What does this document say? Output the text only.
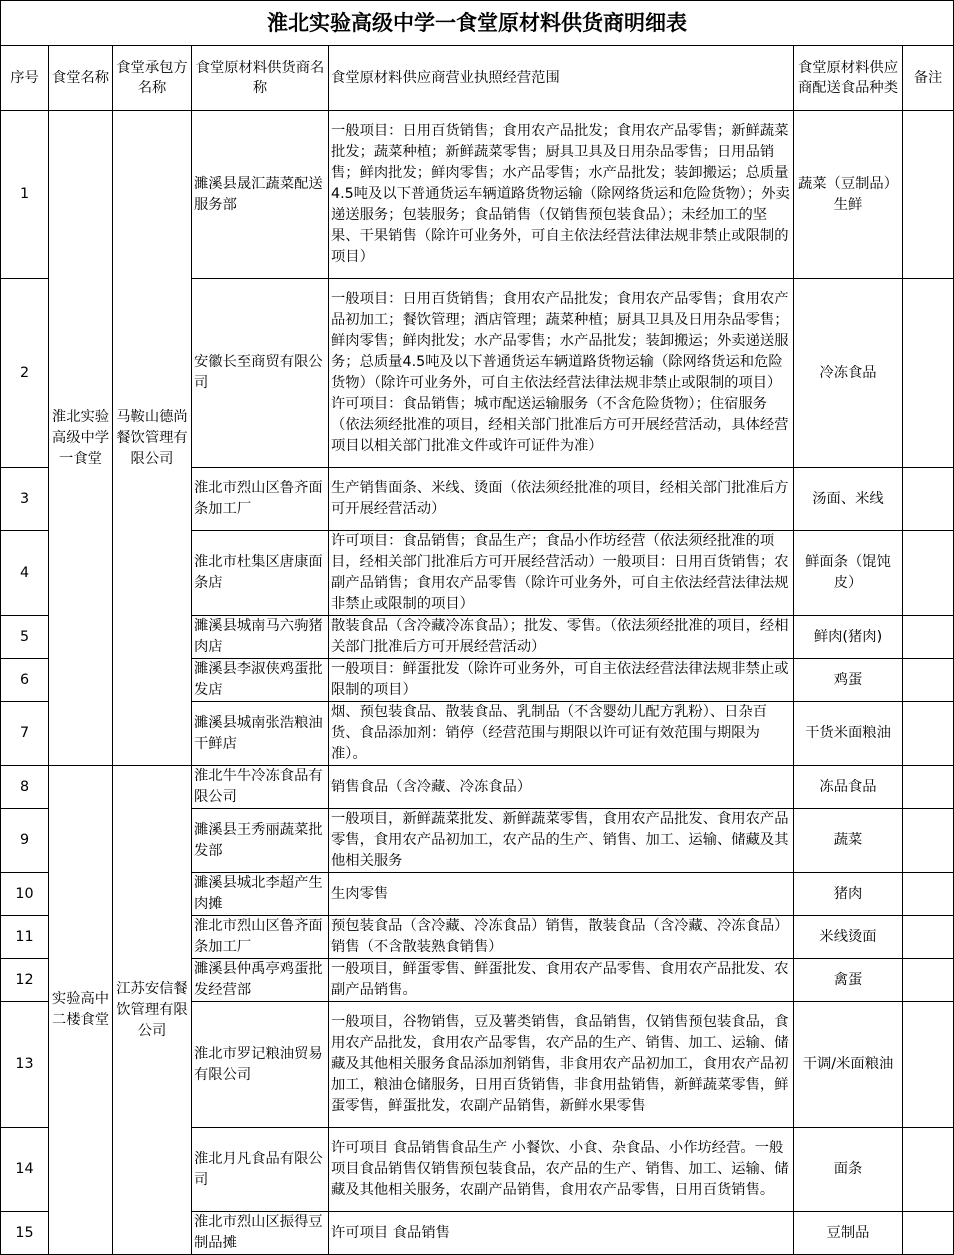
淮北实验高级中学一食堂原材料供货商明细表						
序号	食堂名称	食堂承包方名称	食堂原材料供货商名称	食堂原材料供应商营业执照经营范围	食堂原材料供应商配送食品种类	备注
1	淮北实验高级中学一食堂	马鞍山德尚餐饮管理有限公司	濉溪县晟汇蔬菜配送服务部	一般项目：日用百货销售；食用农产品批发；食用农产品零售；新鲜蔬菜批发；蔬菜种植；新鲜蔬菜零售；厨具卫具及日用杂品零售；日用品销售；鲜肉批发；鲜肉零售；水产品零售；水产品批发；装卸搬运；总质量4.5吨及以下普通货运车辆道路货物运输（除网络货运和危险货物）；外卖递送服务；包装服务；食品销售（仅销售预包装食品）；未经加工的坚果、干果销售（除许可业务外，可自主依法经营法律法规非禁止或限制的项目）	蔬菜（豆制品）生鲜	
2			安徽长至商贸有限公司	一般项目：日用百货销售；食用农产品批发；食用农产品零售；食用农产品初加工；餐饮管理；酒店管理；蔬菜种植；厨具卫具及日用杂品零售；鲜肉零售；鲜肉批发；水产品零售；水产品批发；装卸搬运；外卖递送服务；总质量4.5吨及以下普通货运车辆道路货物运输（除网络货运和危险货物）（除许可业务外，可自主依法经营法律法规非禁止或限制的项目）许可项目：食品销售；城市配送运输服务（不含危险货物）；住宿服务（依法须经批准的项目，经相关部门批准后方可开展经营活动，具体经营项目以相关部门批准文件或许可证件为准）	冷冻食品	
3			淮北市烈山区鲁齐面条加工厂	生产销售面条、米线、烫面（依法须经批准的项目，经相关部门批准后方可开展经营活动）	汤面、米线	
4			淮北市杜集区唐康面条店	许可项目：食品销售；食品生产；食品小作坊经营（依法须经批准的项目，经相关部门批准后方可开展经营活动）一般项目：日用百货销售；农副产品销售；食用农产品零售（除许可业务外，可自主依法经营法律法规非禁止或限制的项目）	鲜面条（馄饨皮）	
5			濉溪县城南马六驹猪肉店	散装食品（含冷藏冷冻食品）；批发、零售。（依法须经批准的项目，经相关部门批准后方可开展经营活动）	鲜肉(猪肉)	
6			濉溪县李淑侠鸡蛋批发店	一般项目：鲜蛋批发（除许可业务外，可自主依法经营法律法规非禁止或限制的项目）	鸡蛋	
7			濉溪县城南张浩粮油干鲜店	烟、预包装食品、散装食品、乳制品（不含婴幼儿配方乳粉）、日杂百货、食品添加剂：销停（经营范围与期限以许可证有效范围与期限为准）。	干货米面粮油	
8	实验高中二楼食堂	江苏安信餐饮管理有限公司	淮北牛牛冷冻食品有限公司	销售食品（含冷藏、冷冻食品）	冻品食品	
9			濉溪县王秀丽蔬菜批发部	一般项目，新鲜蔬菜批发、新鲜蔬菜零售，食用农产品批发、食用农产品零售，食用农产品初加工，农产品的生产、销售、加工、运输、储藏及其他相关服务	蔬菜	
10			濉溪县城北李超产生肉摊	生肉零售	猪肉	
11			淮北市烈山区鲁齐面条加工厂	预包装食品（含冷藏、冷冻食品）销售，散装食品（含冷藏、冷冻食品）销售（不含散装熟食销售）	米线烫面	
12			濉溪县仲禹亭鸡蛋批发经营部	一般项目，鲜蛋零售、鲜蛋批发、食用农产品零售、食用农产品批发、农副产品销售。	禽蛋	
13			淮北市罗记粮油贸易有限公司	一般项目，谷物销售，豆及薯类销售，食品销售，仅销售预包装食品，食用农产品批发，食用农产品零售，农产品的生产、销售、加工、运输、储藏及其他相关服务食品添加剂销售，非食用农产品初加工，食用农产品初加工，粮油仓储服务，日用百货销售，非食用盐销售，新鲜蔬菜零售，鲜蛋零售，鲜蛋批发，农副产品销售，新鲜水果零售	干调/米面粮油	
14			淮北月凡食品有限公司	许可项目 食品销售食品生产 小餐饮、小食、杂食品、小作坊经营。一般项目食品销售仅销售预包装食品，农产品的生产、销售、加工、运输、储藏及其他相关服务，农副产品销售，食用农产品零售，日用百货销售。	面条	
15			淮北市烈山区振得豆制品摊	许可项目 食品销售	豆制品	
